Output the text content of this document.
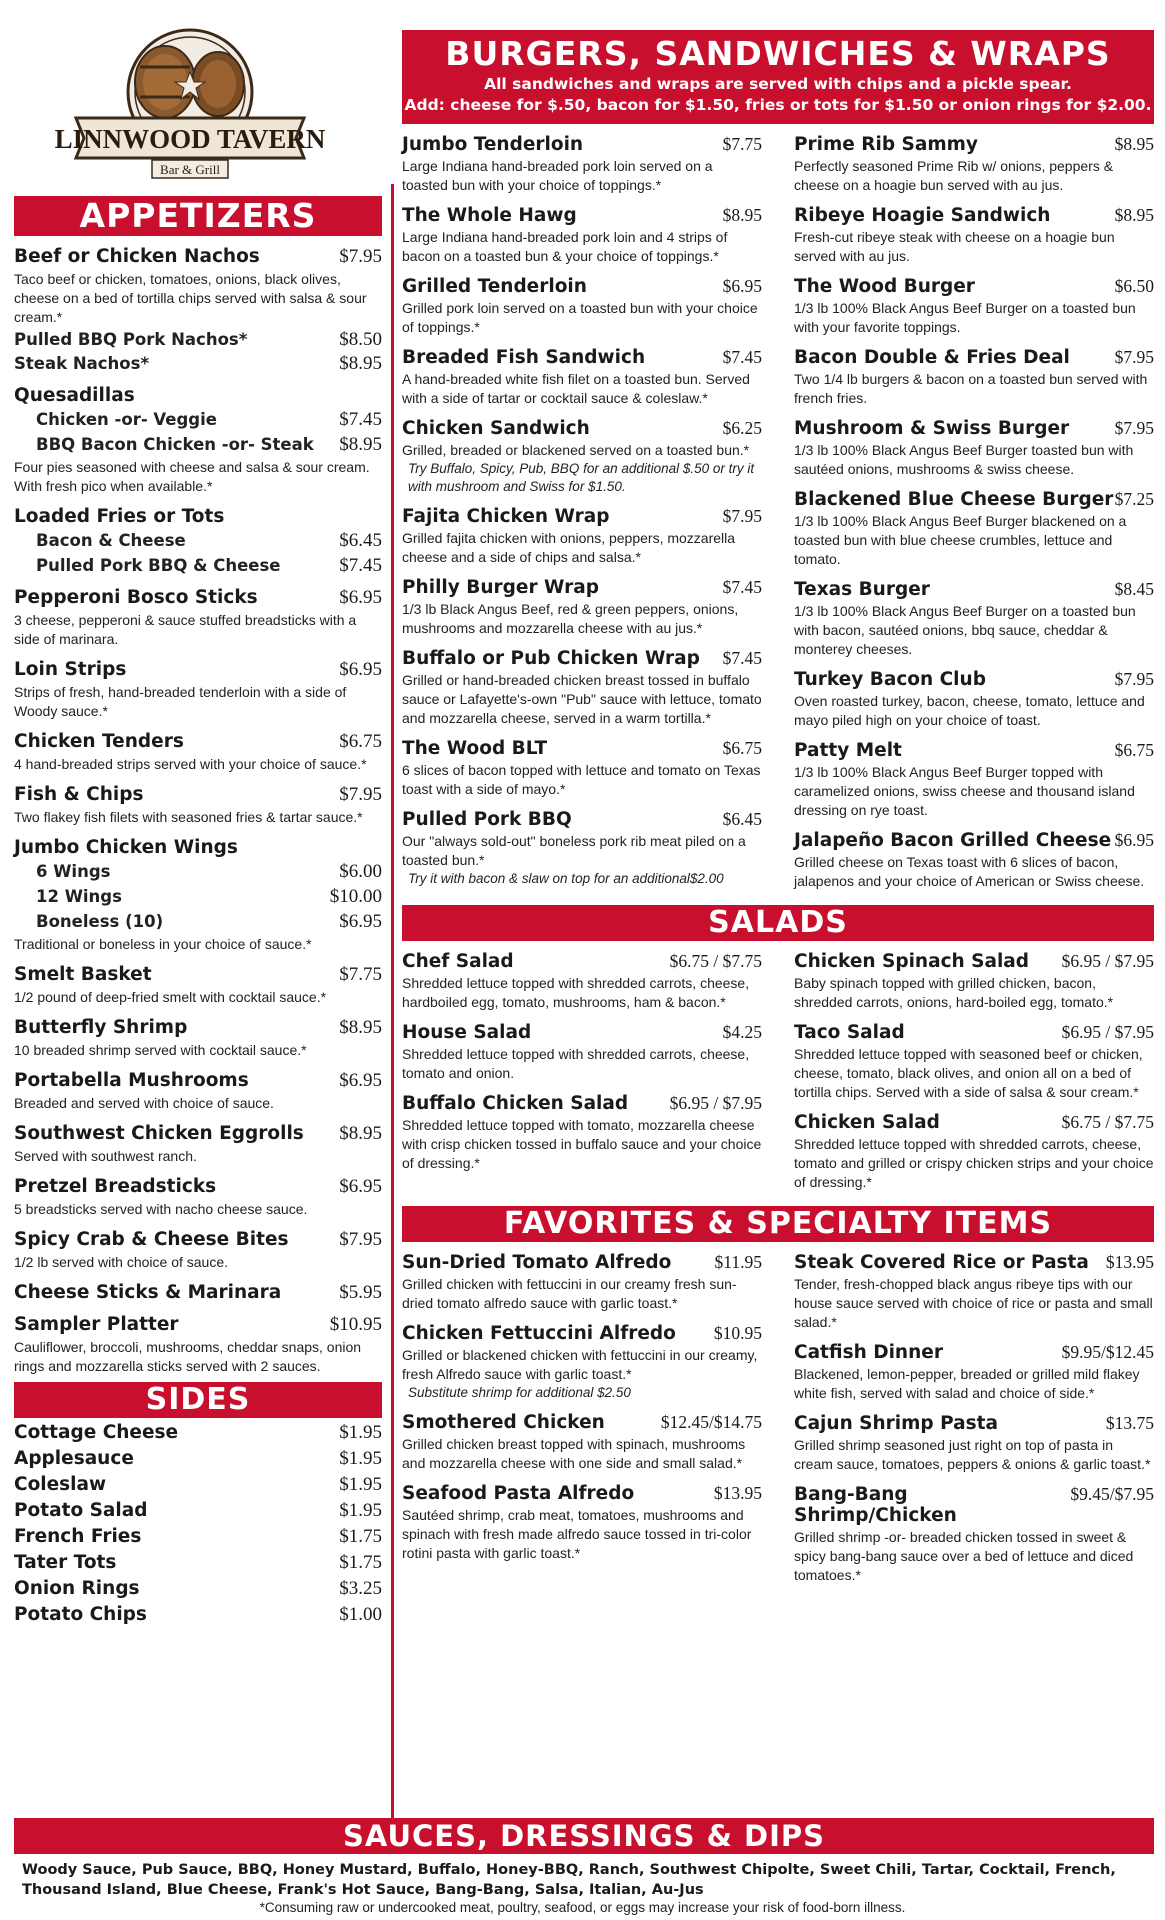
LINNWOOD TAVERN
Bar & Grill
APPETIZERS
Beef or Chicken Nachos	$7.95
Taco beef or chicken, tomatoes, onions, black olives, cheese on a bed of tortilla chips served with salsa & sour cream.*
Pulled BBQ Pork Nachos*	$8.50
Steak Nachos*	$8.95
Quesadillas
Chicken -or- Veggie	$7.45
BBQ Bacon Chicken -or- Steak $8.95
Four pies seasoned with cheese and salsa & sour cream. With fresh pico when available.*
Loaded Fries or Tots
Bacon & Cheese	$6.45
Pulled Pork BBQ & Cheese	$7.45
Pepperoni Bosco Sticks	$6.95
3 cheese, pepperoni & sauce stuffed breadsticks with a side of marinara.
Loin Strips	$6.95
Strips of fresh, hand-breaded tenderloin with a side of Woody sauce.*
Chicken Tenders	$6.75
4 hand-breaded strips served with your choice of sauce.*
Fish & Chips	$7.95
Two flakey fish filets with seasoned fries & tartar sauce.*
Jumbo Chicken Wings
6 Wings	$6.00
12 Wings	$10.00
Boneless (10)	$6.95
Traditional or boneless in your choice of sauce.*
Smelt Basket	$7.75
1/2 pound of deep-fried smelt with cocktail sauce.*
Butterfly Shrimp	$8.95
10 breaded shrimp served with cocktail sauce.*
Portabella Mushrooms	$6.95
Breaded and served with choice of sauce.
Southwest Chicken Eggrolls $8.95
Served with southwest ranch.
Pretzel Breadsticks	$6.95
5 breadsticks served with nacho cheese sauce.
Spicy Crab & Cheese Bites	$7.95
1/2 lb served with choice of sauce.
Cheese Sticks & Marinara	$5.95
Sampler Platter	$10.95
Cauliflower, broccoli, mushrooms, cheddar snaps, onion rings and mozzarella sticks served with 2 sauces.
SIDES
Cottage Cheese	$1.95
Applesauce	$1.95
Coleslaw	$1.95
Potato Salad	$1.95
French Fries	$1.75
Tater Tots	$1.75
Onion Rings	$3.25
Potato Chips	$1.00
BURGERS, SANDWICHES & WRAPS
All sandwiches and wraps are served with chips and a pickle spear.
Add: cheese for $.50, bacon for $1.50, fries or tots for $1.50 or onion rings for $2.00.
Jumbo Tenderloin	$7.75
Large Indiana hand-breaded pork loin served on a toasted bun with your choice of toppings.*
The Whole Hawg	$8.95
Large Indiana hand-breaded pork loin and 4 strips of bacon on a toasted bun & your choice of toppings.*
Grilled Tenderloin	$6.95
Grilled pork loin served on a toasted bun with your choice of toppings.*
Breaded Fish Sandwich	$7.45
A hand-breaded white fish filet on a toasted bun. Served with a side of tartar or cocktail sauce & coleslaw.*
Chicken Sandwich	$6.25
Grilled, breaded or blackened served on a toasted bun.*
Try Buffalo, Spicy, Pub, BBQ for an additional $.50 or try it with mushroom and Swiss for $1.50.
Fajita Chicken Wrap	$7.95
Grilled fajita chicken with onions, peppers, mozzarella cheese and a side of chips and salsa.*
Philly Burger Wrap	$7.45
1/3 lb Black Angus Beef, red & green peppers, onions, mushrooms and mozzarella cheese with au jus.*
Buffalo or Pub Chicken Wrap $7.45
Grilled or hand-breaded chicken breast tossed in buffalo sauce or Lafayette's-own "Pub" sauce with lettuce, tomato and mozzarella cheese, served in a warm tortilla.*
The Wood BLT	$6.75
6 slices of bacon topped with lettuce and tomato on Texas toast with a side of mayo.*
Pulled Pork BBQ	$6.45
Our "always sold-out" boneless pork rib meat piled on a toasted bun.*
Try it with bacon & slaw on top for an additional$2.00
Prime Rib Sammy	$8.95
Perfectly seasoned Prime Rib w/ onions, peppers & cheese on a hoagie bun served with au jus.
Ribeye Hoagie Sandwich	$8.95
Fresh-cut ribeye steak with cheese on a hoagie bun served with au jus.
The Wood Burger	$6.50
1/3 lb 100% Black Angus Beef Burger on a toasted bun with your favorite toppings.
Bacon Double & Fries Deal	$7.95
Two 1/4 lb burgers & bacon on a toasted bun served with french fries.
Mushroom & Swiss Burger	$7.95
1/3 lb 100% Black Angus Beef Burger toasted bun with sautéed onions, mushrooms & swiss cheese.
Blackened Blue Cheese Burger $7.25
1/3 lb 100% Black Angus Beef Burger blackened on a toasted bun with blue cheese crumbles, lettuce and tomato.
Texas Burger	$8.45
1/3 lb 100% Black Angus Beef Burger on a toasted bun with bacon, sautéed onions, bbq sauce, cheddar & monterey cheeses.
Turkey Bacon Club	$7.95
Oven roasted turkey, bacon, cheese, tomato, lettuce and mayo piled high on your choice of toast.
Patty Melt	$6.75
1/3 lb 100% Black Angus Beef Burger topped with caramelized onions, swiss cheese and thousand island dressing on rye toast.
Jalapeño Bacon Grilled Cheese $6.95
Grilled cheese on Texas toast with 6 slices of bacon, jalapenos and your choice of American or Swiss cheese.
SALADS
Chef Salad	$6.75 / $7.75
Shredded lettuce topped with shredded carrots, cheese, hardboiled egg, tomato, mushrooms, ham & bacon.*
House Salad	$4.25
Shredded lettuce topped with shredded carrots, cheese, tomato and onion.
Buffalo Chicken Salad $6.95 / $7.95
Shredded lettuce topped with tomato, mozzarella cheese with crisp chicken tossed in buffalo sauce and your choice of dressing.*
Chicken Spinach Salad $6.95 / $7.95
Baby spinach topped with grilled chicken, bacon, shredded carrots, onions, hard-boiled egg, tomato.*
Taco Salad	$6.95 / $7.95
Shredded lettuce topped with seasoned beef or chicken, cheese, tomato, black olives, and onion all on a bed of tortilla chips. Served with a side of salsa & sour cream.*
Chicken Salad	$6.75 / $7.75
Shredded lettuce topped with shredded carrots, cheese, tomato and grilled or crispy chicken strips and your choice of dressing.*
FAVORITES & SPECIALTY ITEMS
Sun-Dried Tomato Alfredo $11.95
Grilled chicken with fettuccini in our creamy fresh sun-dried tomato alfredo sauce with garlic toast.*
Chicken Fettuccini Alfredo $10.95
Grilled or blackened chicken with fettuccini in our creamy, fresh Alfredo sauce with garlic toast.*
Substitute shrimp for additional $2.50
Smothered Chicken	$12.45/$14.75
Grilled chicken breast topped with spinach, mushrooms and mozzarella cheese with one side and small salad.*
Seafood Pasta Alfredo	$13.95
Sautéed shrimp, crab meat, tomatoes, mushrooms and spinach with fresh made alfredo sauce tossed in tri-color rotini pasta with garlic toast.*
Steak Covered Rice or Pasta $13.95
Tender, fresh-chopped black angus ribeye tips with our house sauce served with choice of rice or pasta and small salad.*
Catfish Dinner	$9.95/$12.45
Blackened, lemon-pepper, breaded or grilled mild flakey white fish, served with salad and choice of side.*
Cajun Shrimp Pasta	$13.75
Grilled shrimp seasoned just right on top of pasta in cream sauce, tomatoes, peppers & onions & garlic toast.*
Bang-Bang Shrimp/Chicken
$9.45/$7.95
Grilled shrimp -or- breaded chicken tossed in sweet & spicy bang-bang sauce over a bed of lettuce and diced tomatoes.*
SAUCES, DRESSINGS & DIPS
Woody Sauce, Pub Sauce, BBQ, Honey Mustard, Buffalo, Honey-BBQ, Ranch, Southwest Chipolte, Sweet Chili, Tartar, Cocktail, French, Thousand Island, Blue Cheese, Frank's Hot Sauce, Bang-Bang, Salsa, Italian, Au-Jus
*Consuming raw or undercooked meat, poultry, seafood, or eggs may increase your risk of food-born illness.
